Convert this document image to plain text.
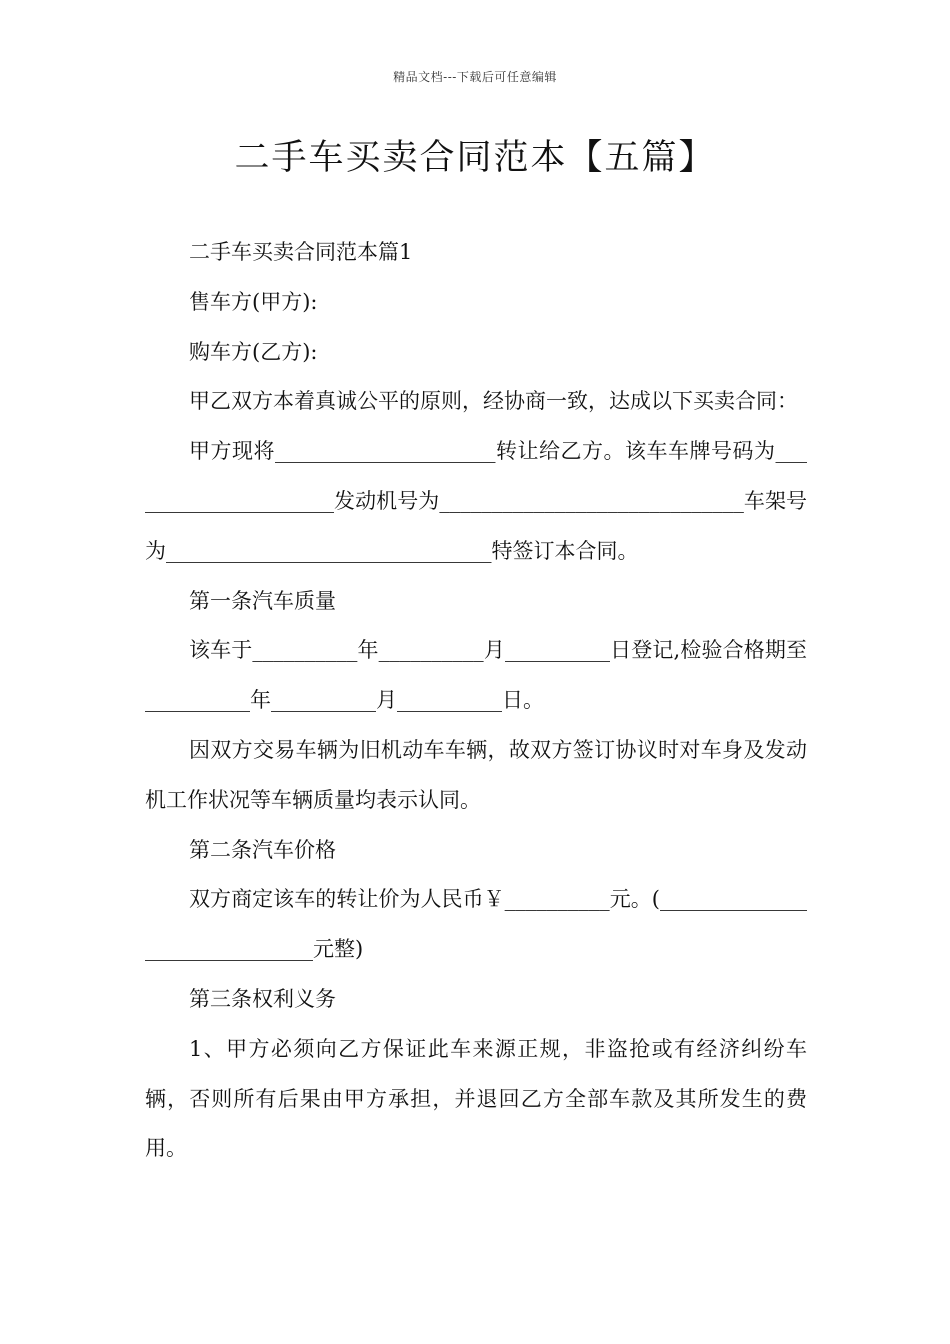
精品文档---下载后可任意编辑
二手车买卖合同范本【五篇】

二手车买卖合同范本篇1

售车方(甲方):

购车方(乙方):

甲乙双方本着真诚公平的原则，经协商一致，达成以下买卖合同：

甲方现将_____________________转让给乙方。该车车牌号码为_____________________发动机号为_____________________________车架号为_______________________________特签订本合同。

第一条汽车质量

该车于__________年__________月__________日登记,检验合格期至__________年__________月__________日。

因双方交易车辆为旧机动车车辆，故双方签订协议时对车身及发动机工作状况等车辆质量均表示认同。

第二条汽车价格

双方商定该车的转让价为人民币￥__________元。(______________________________元整)

第三条权利义务

1、甲方必须向乙方保证此车来源正规，非盗抢或有经济纠纷车辆，否则所有后果由甲方承担，并退回乙方全部车款及其所发生的费用。
